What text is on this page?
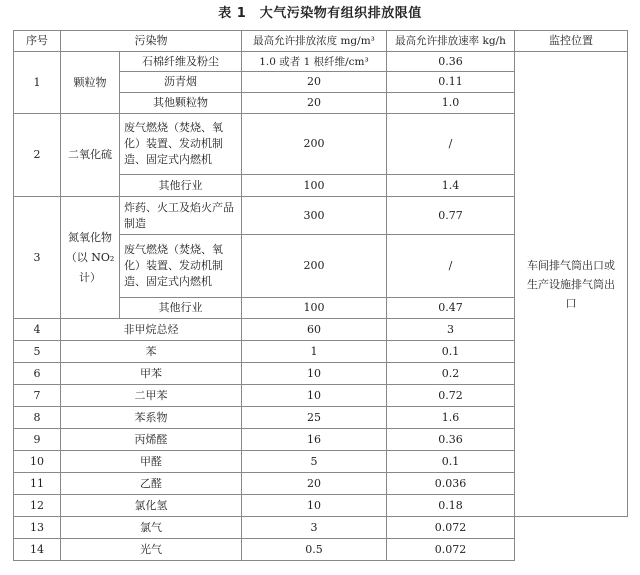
表 1　大气污染物有组织排放限值
序号	污染物		最高允许排放浓度 mg/m³	最高允许排放速率 kg/h	监控位置
1	颗粒物	石棉纤维及粉尘	1.0 或者 1 根纤维/cm³	0.36	车间排气筒出口或生产设施排气筒出口
		沥青烟	20	0.11	
		其他颗粒物	20	1.0	
2	二氧化硫	废气燃烧（焚烧、氧化）装置、发动机制造、固定式内燃机	200	/	
		其他行业	100	1.4	
3	氮氧化物（以 NO₂ 计）	炸药、火工及焰火产品制造	300	0.77	
		废气燃烧（焚烧、氧化）装置、发动机制造、固定式内燃机	200	/	
		其他行业	100	0.47	
4	非甲烷总烃		60	3	
5	苯		1	0.1	
6	甲苯		10	0.2	
7	二甲苯		10	0.72	
8	苯系物		25	1.6	
9	丙烯醛		16	0.36	
10	甲醛		5	0.1	
11	乙醛		20	0.036	
12	氯化氢		10	0.18	
13	氯气		3	0.072	
14	光气		0.5	0.072	
